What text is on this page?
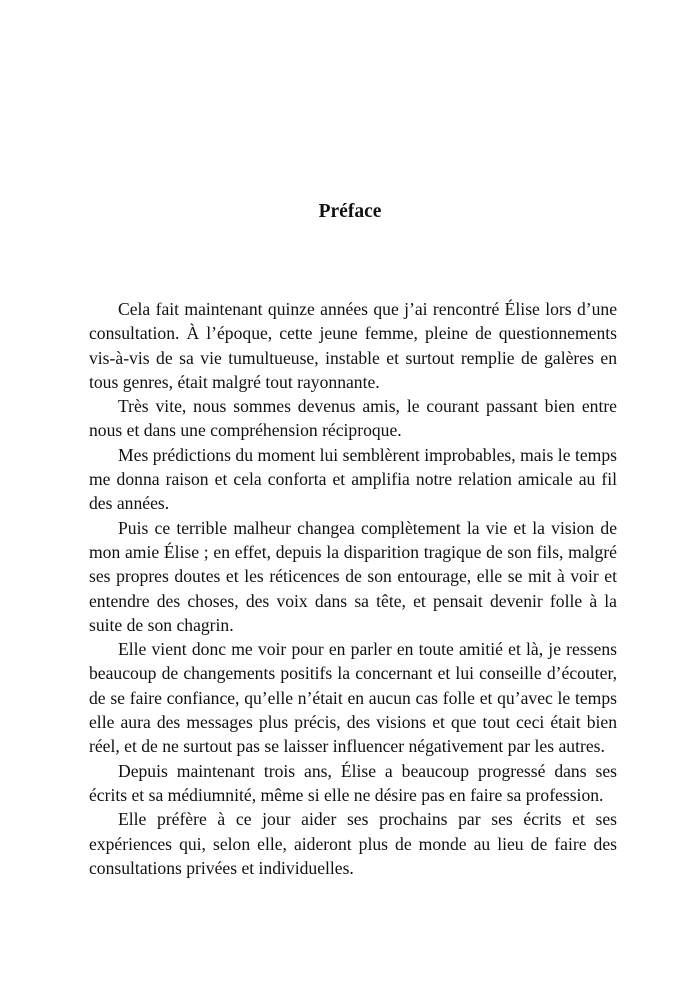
Préface

Cela fait maintenant quinze années que j’ai rencontré Élise lors d’une consultation. À l’époque, cette jeune femme, pleine de questionnements vis-à-vis de sa vie tumultueuse, instable et surtout remplie de galères en tous genres, était malgré tout rayonnante.

Très vite, nous sommes devenus amis, le courant passant bien entre nous et dans une compréhension réciproque.

Mes prédictions du moment lui semblèrent improbables, mais le temps me donna raison et cela conforta et amplifia notre relation amicale au fil des années.

Puis ce terrible malheur changea complètement la vie et la vision de mon amie Élise ; en effet, depuis la disparition tragique de son fils, malgré ses propres doutes et les réticences de son entourage, elle se mit à voir et entendre des choses, des voix dans sa tête, et pensait devenir folle à la suite de son chagrin.

Elle vient donc me voir pour en parler en toute amitié et là, je ressens beaucoup de changements positifs la concernant et lui conseille d’écouter, de se faire confiance, qu’elle n’était en aucun cas folle et qu’avec le temps elle aura des messages plus précis, des visions et que tout ceci était bien réel, et de ne surtout pas se laisser influencer négativement par les autres.

Depuis maintenant trois ans, Élise a beaucoup progressé dans ses écrits et sa médiumnité, même si elle ne désire pas en faire sa profession.

Elle préfère à ce jour aider ses prochains par ses écrits et ses expériences qui, selon elle, aideront plus de monde au lieu de faire des consultations privées et individuelles.
